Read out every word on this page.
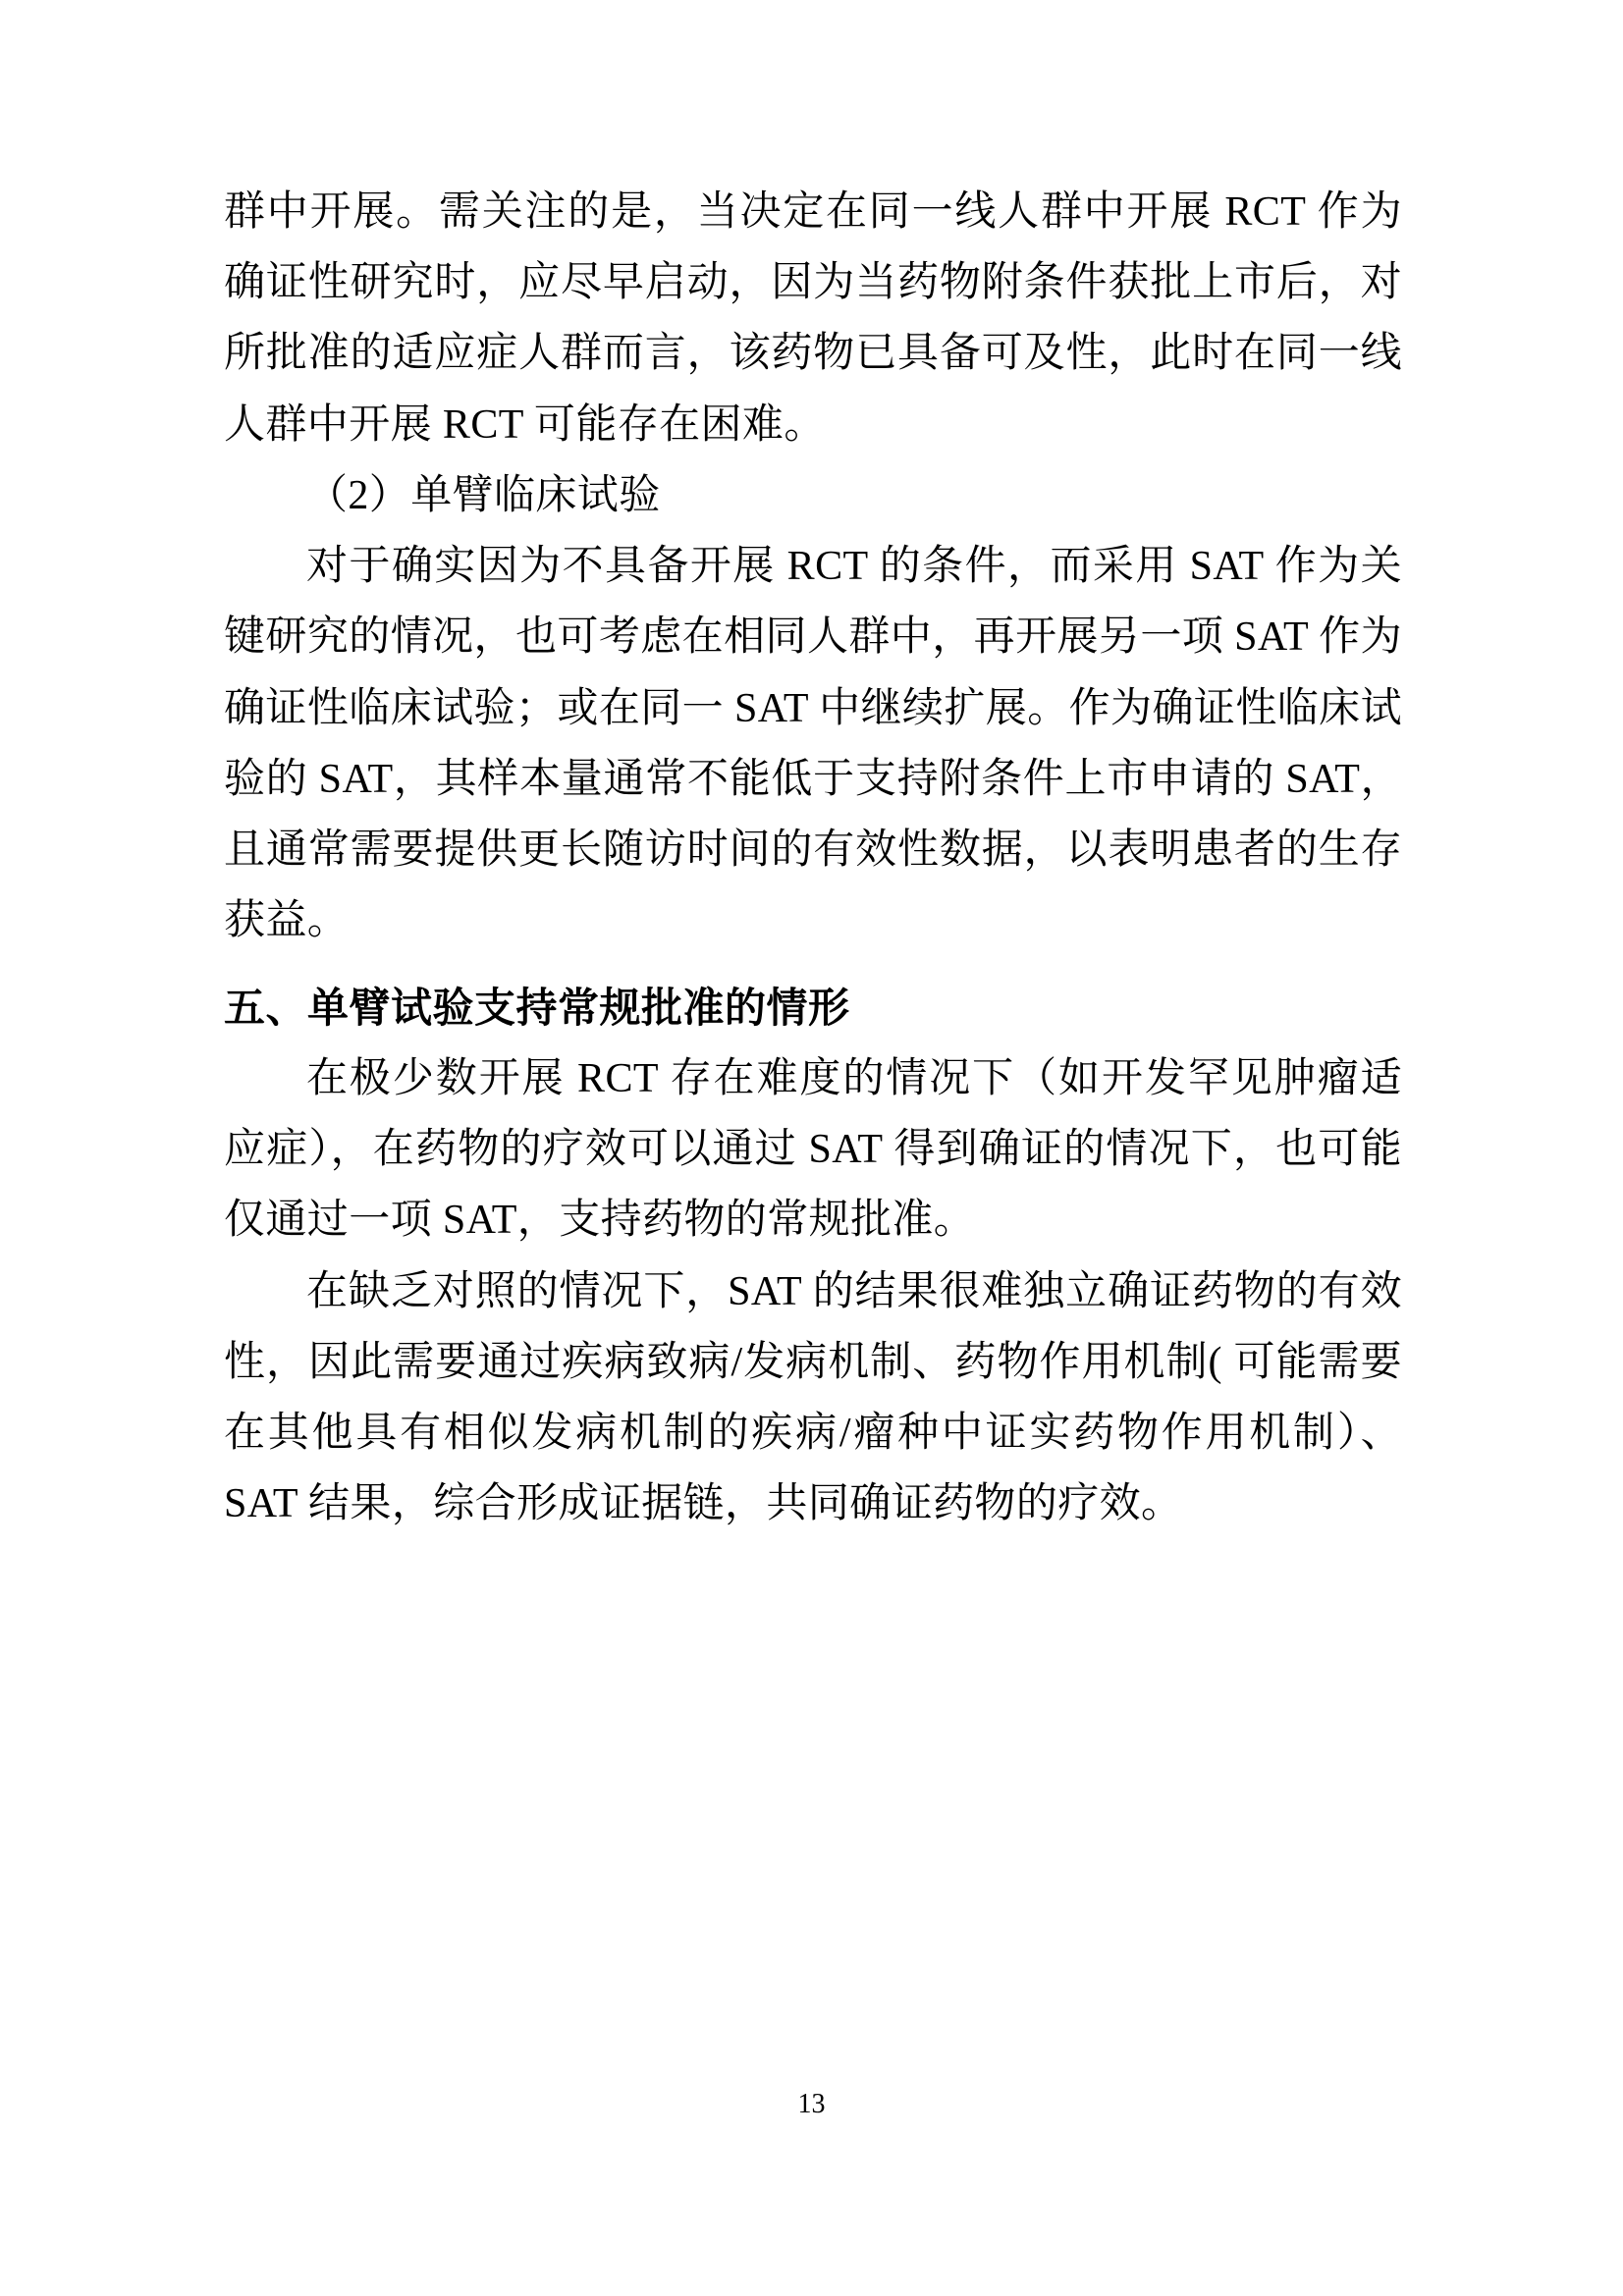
群中开展。需关注的是，当决定在同一线人群中开展 RCT 作为确证性研究时，应尽早启动，因为当药物附条件获批上市后，对所批准的适应症人群而言，该药物已具备可及性，此时在同一线人群中开展 RCT 可能存在困难。

（2）单臂临床试验

对于确实因为不具备开展 RCT 的条件，而采用 SAT 作为关键研究的情况，也可考虑在相同人群中，再开展另一项 SAT 作为确证性临床试验；或在同一 SAT 中继续扩展。作为确证性临床试验的 SAT，其样本量通常不能低于支持附条件上市申请的 SAT，且通常需要提供更长随访时间的有效性数据，以表明患者的生存获益。

五、单臂试验支持常规批准的情形

在极少数开展 RCT 存在难度的情况下（如开发罕见肿瘤适应症），在药物的疗效可以通过 SAT 得到确证的情况下，也可能仅通过一项 SAT，支持药物的常规批准。

在缺乏对照的情况下，SAT 的结果很难独立确证药物的有效性，因此需要通过疾病致病/发病机制、药物作用机制( 可能需要在其他具有相似发病机制的疾病/瘤种中证实药物作用机制）、SAT 结果，综合形成证据链，共同确证药物的疗效。

13
